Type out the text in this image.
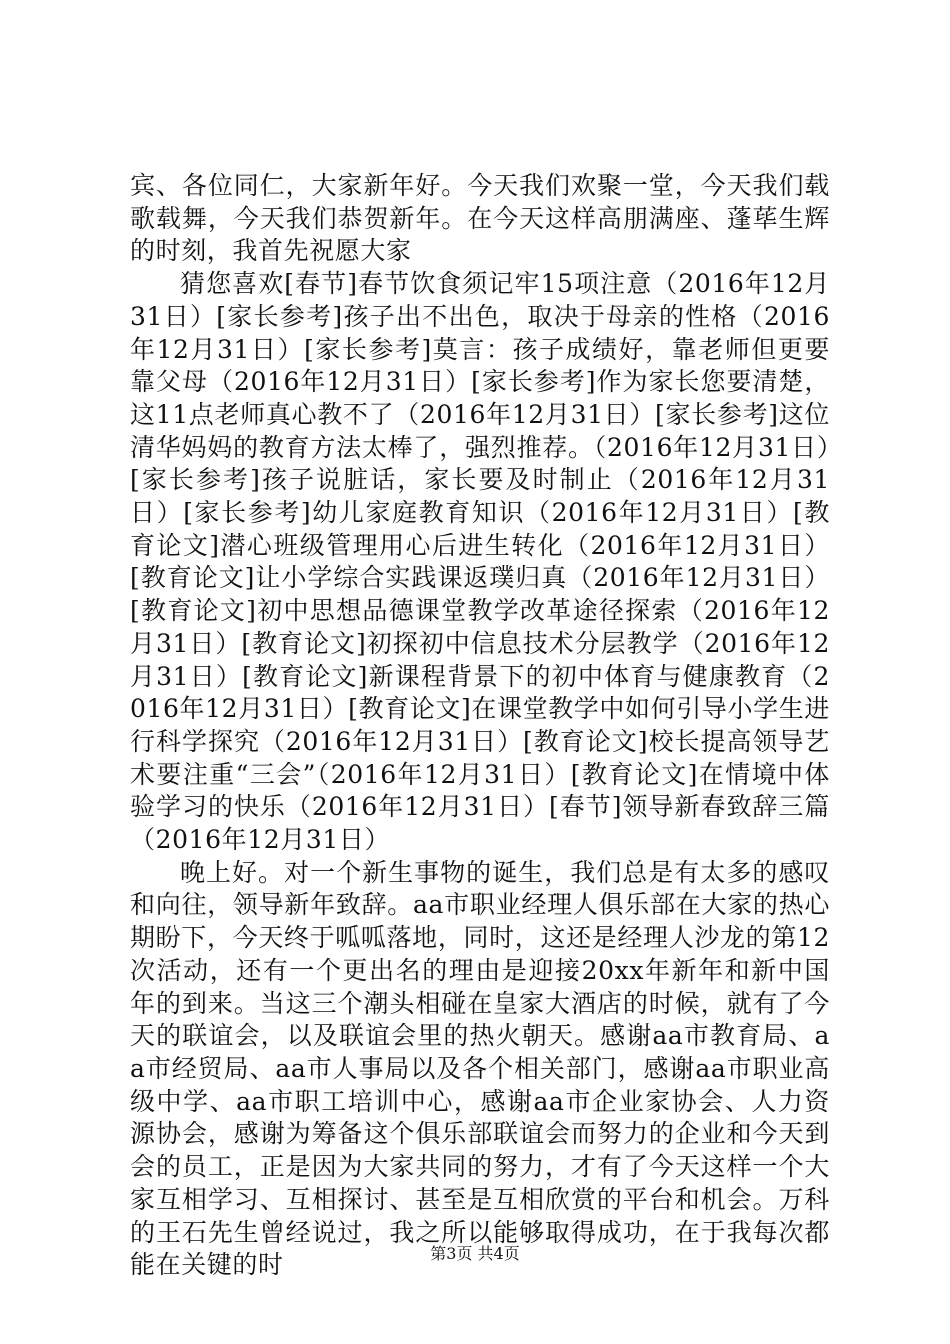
宾、各位同仁，大家新年好。今天我们欢聚一堂，今天我们载歌载舞，今天我们恭贺新年。在今天这样高朋满座、蓬荜生辉的时刻，我首先祝愿大家

猜您喜欢[春节]春节饮食须记牢15项注意（2016年12月31日）[家长参考]孩子出不出色，取决于母亲的性格（2016年12月31日）[家长参考]莫言：孩子成绩好，靠老师但更要靠父母（2016年12月31日）[家长参考]作为家长您要清楚，这11点老师真心教不了（2016年12月31日）[家长参考]这位清华妈妈的教育方法太棒了，强烈推荐。（2016年12月31日）[家长参考]孩子说脏话，家长要及时制止（2016年12月31日）[家长参考]幼儿家庭教育知识（2016年12月31日）[教育论文]潜心班级管理用心后进生转化（2016年12月31日）[教育论文]让小学综合实践课返璞归真（2016年12月31日）[教育论文]初中思想品德课堂教学改革途径探索（2016年12月31日）[教育论文]初探初中信息技术分层教学（2016年12月31日）[教育论文]新课程背景下的初中体育与健康教育（2016年12月31日）[教育论文]在课堂教学中如何引导小学生进行科学探究（2016年12月31日）[教育论文]校长提高领导艺术要注重“三会”（2016年12月31日）[教育论文]在情境中体验学习的快乐（2016年12月31日）[春节]领导新春致辞三篇（2016年12月31日）

晚上好。对一个新生事物的诞生，我们总是有太多的感叹和向往，领导新年致辞。aa市职业经理人俱乐部在大家的热心期盼下，今天终于呱呱落地，同时，这还是经理人沙龙的第12次活动，还有一个更出名的理由是迎接20xx年新年和新中国年的到来。当这三个潮头相碰在皇家大酒店的时候，就有了今天的联谊会，以及联谊会里的热火朝天。感谢aa市教育局、aa市经贸局、aa市人事局以及各个相关部门，感谢aa市职业高级中学、aa市职工培训中心，感谢aa市企业家协会、人力资源协会，感谢为筹备这个俱乐部联谊会而努力的企业和今天到会的员工，正是因为大家共同的努力，才有了今天这样一个大家互相学习、互相探讨、甚至是互相欣赏的平台和机会。万科的王石先生曾经说过，我之所以能够取得成功，在于我每次都能在关键的时	第3页 共4页
